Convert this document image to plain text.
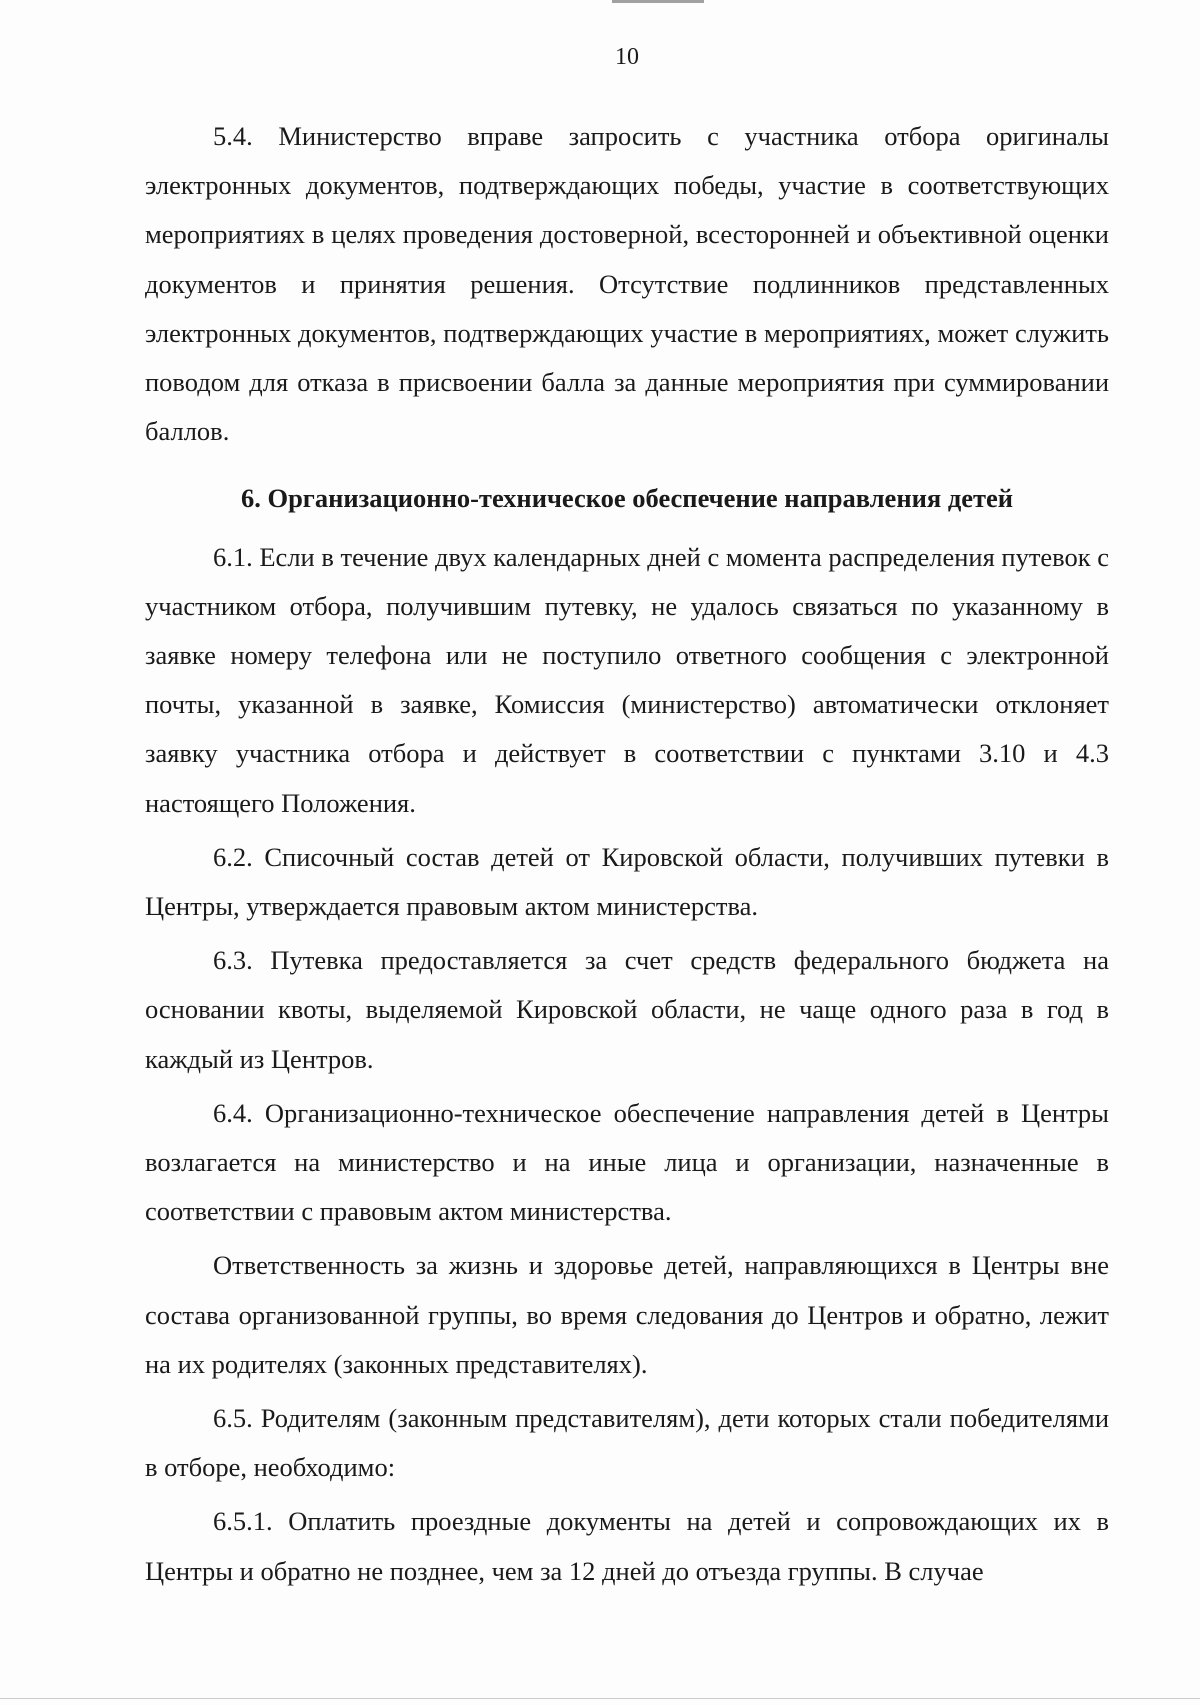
10

5.4. Министерство вправе запросить с участника отбора оригиналы электронных документов, подтверждающих победы, участие в соответствующих мероприятиях в целях проведения достоверной, всесторонней и объективной оценки документов и принятия решения. Отсутствие подлинников представленных электронных документов, подтверждающих участие в мероприятиях, может служить поводом для отказа в присвоении балла за данные мероприятия при суммировании баллов.

6. Организационно-техническое обеспечение направления детей

6.1. Если в течение двух календарных дней с момента распределения путевок с участником отбора, получившим путевку, не удалось связаться по указанному в заявке номеру телефона или не поступило ответного сообщения с электронной почты, указанной в заявке, Комиссия (министерство) автоматически отклоняет заявку участника отбора и действует в соответствии с пунктами 3.10 и 4.3 настоящего Положения.

6.2. Списочный состав детей от Кировской области, получивших путевки в Центры, утверждается правовым актом министерства.

6.3. Путевка предоставляется за счет средств федерального бюджета на основании квоты, выделяемой Кировской области, не чаще одного раза в год в каждый из Центров.

6.4. Организационно-техническое обеспечение направления детей в Центры возлагается на министерство и на иные лица и организации, назначенные в соответствии с правовым актом министерства.

Ответственность за жизнь и здоровье детей, направляющихся в Центры вне состава организованной группы, во время следования до Центров и обратно, лежит на их родителях (законных представителях).

6.5. Родителям (законным представителям), дети которых стали победителями в отборе, необходимо:

6.5.1. Оплатить проездные документы на детей и сопровождающих их в Центры и обратно не позднее, чем за 12 дней до отъезда группы. В случае
